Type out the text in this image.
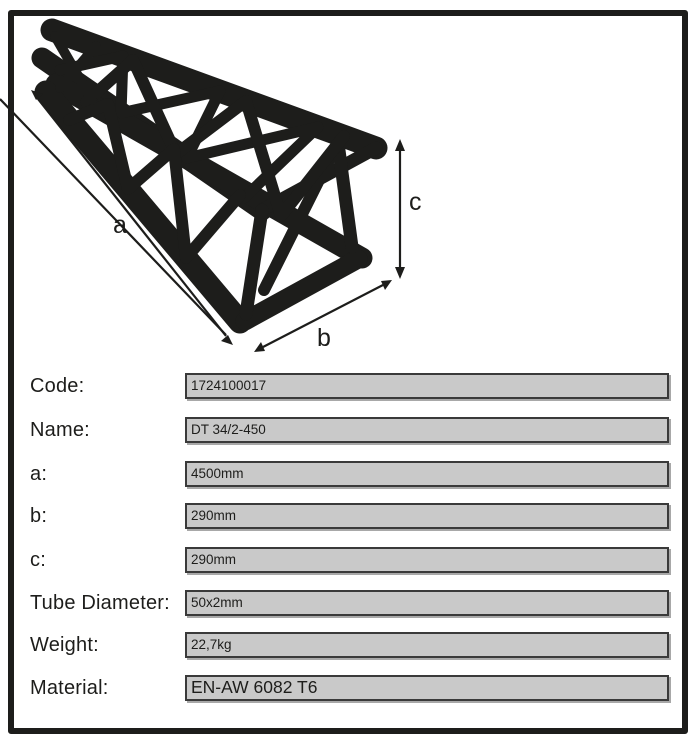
a
b
c
Code:	1724100017
Name:	DT 34/2-450
a:	4500mm
b:	290mm
c:	290mm
Tube Diameter: 50x2mm
Weight:	22,7kg
Material:	EN-AW 6082 T6
